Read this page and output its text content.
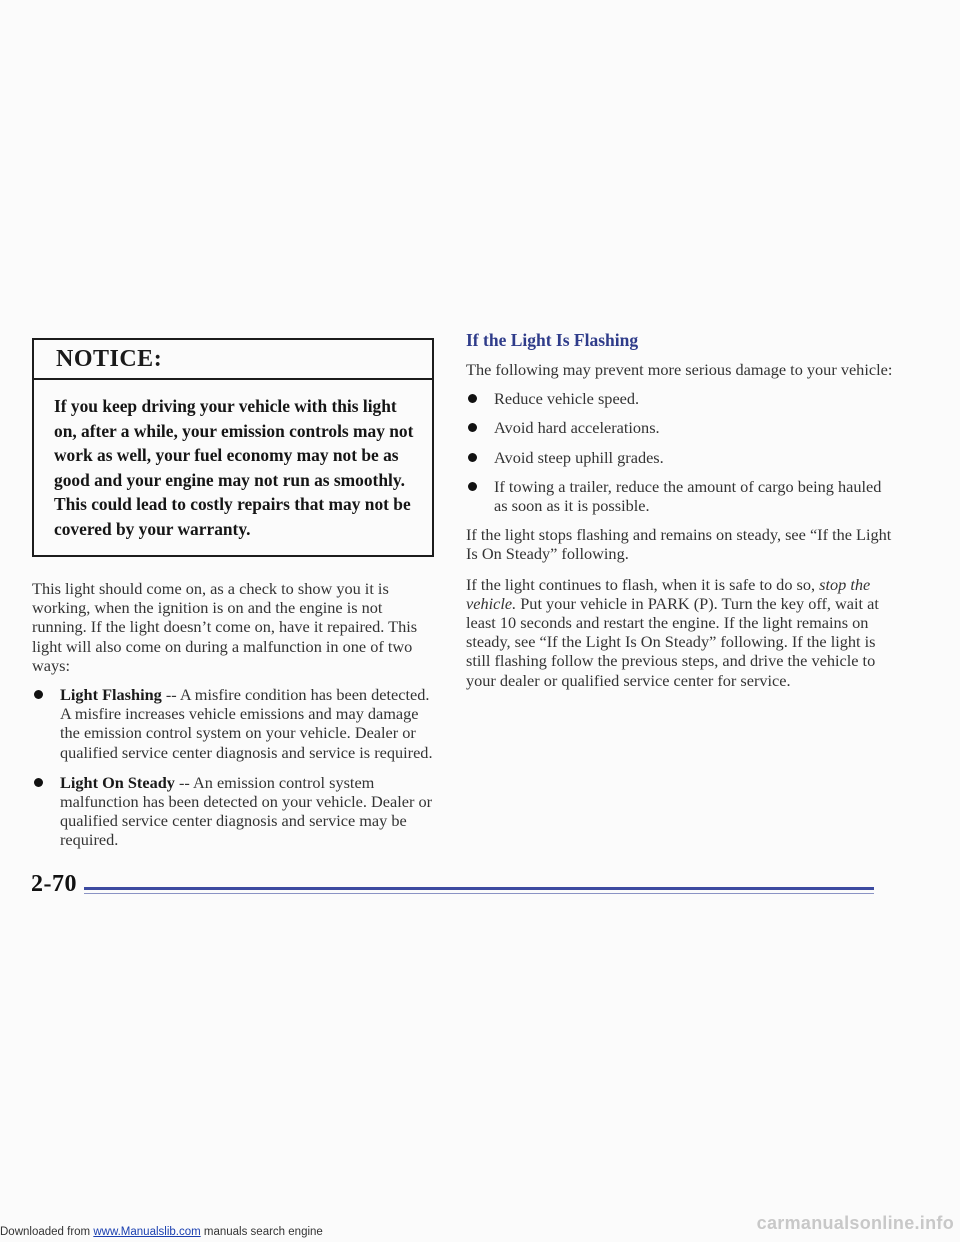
NOTICE:
If you keep driving your vehicle with this light on, after a while, your emission controls may not work as well, your fuel economy may not be as good and your engine may not run as smoothly. This could lead to costly repairs that may not be covered by your warranty.

This light should come on, as a check to show you it is working, when the ignition is on and the engine is not running. If the light doesn’t come on, have it repaired. This light will also come on during a malfunction in one of two ways:

Light Flashing -- A misfire condition has been detected. A misfire increases vehicle emissions and may damage the emission control system on your vehicle. Dealer or qualified service center diagnosis and service is required.
Light On Steady -- An emission control system malfunction has been detected on your vehicle. Dealer or qualified service center diagnosis and service may be required.
If the Light Is Flashing

The following may prevent more serious damage to your vehicle:

Reduce vehicle speed.
Avoid hard accelerations.
Avoid steep uphill grades.
If towing a trailer, reduce the amount of cargo being hauled as soon as it is possible.

If the light stops flashing and remains on steady, see “If the Light Is On Steady” following.

If the light continues to flash, when it is safe to do so, stop the vehicle. Put your vehicle in PARK (P). Turn the key off, wait at least 10 seconds and restart the engine. If the light remains on steady, see “If the Light Is On Steady” following. If the light is still flashing follow the previous steps, and drive the vehicle to your dealer or qualified service center for service.

2-70
Downloaded from www.Manualslib.com manuals search engine	carmanualsonline.info
